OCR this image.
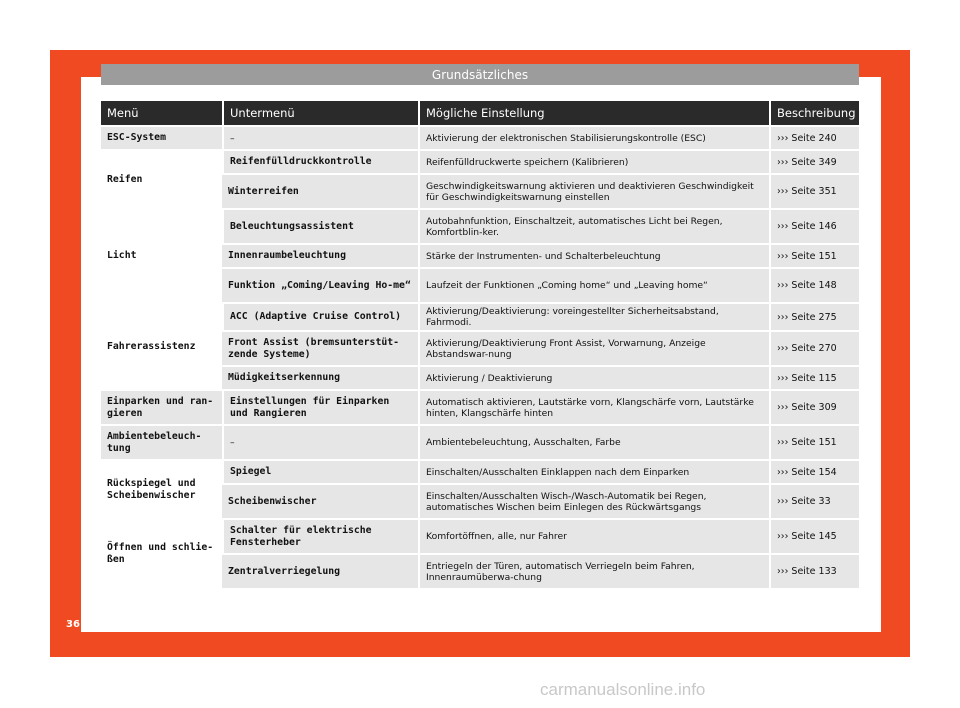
Grundsätzliches
Menü	Untermenü	Mögliche Einstellung	Beschreibung
ESC-System	–	Aktivierung der elektronischen Stabilisierungskontrolle (ESC)	››› Seite 240
Reifen	Reifenfülldruckkontrolle	Reifenfülldruckwerte speichern (Kalibrieren)	››› Seite 349
	Winterreifen	Geschwindigkeitswarnung aktivieren und deaktivieren Geschwindigkeit für Geschwindigkeitswarnung einstellen	››› Seite 351
Licht	Beleuchtungsassistent	Autobahnfunktion, Einschaltzeit, automatisches Licht bei Regen, Komfortblin-ker.	››› Seite 146
	Innenraumbeleuchtung	Stärke der Instrumenten- und Schalterbeleuchtung	››› Seite 151
	Funktion „Coming/Leaving Ho-me“	Laufzeit der Funktionen „Coming home“ und „Leaving home“	››› Seite 148
Fahrerassistenz	ACC (Adaptive Cruise Control)	Aktivierung/Deaktivierung: voreingestellter Sicherheitsabstand, Fahrmodi.	››› Seite 275
	Front Assist (bremsunterstüt-zende Systeme)	Aktivierung/Deaktivierung Front Assist, Vorwarnung, Anzeige Abstandswar-nung	››› Seite 270
	Müdigkeitserkennung	Aktivierung / Deaktivierung	››› Seite 115
Einparken und ran-gieren	Einstellungen für Einparken und Rangieren	Automatisch aktivieren, Lautstärke vorn, Klangschärfe vorn, Lautstärke hinten, Klangschärfe hinten	››› Seite 309
Ambientebeleuch-tung	–	Ambientebeleuchtung, Ausschalten, Farbe	››› Seite 151
Rückspiegel und Scheibenwischer	Spiegel	Einschalten/Ausschalten Einklappen nach dem Einparken	››› Seite 154
	Scheibenwischer	Einschalten/Ausschalten Wisch-/Wasch-Automatik bei Regen, automatisches Wischen beim Einlegen des Rückwärtsgangs	››› Seite 33
Öffnen und schlie-ßen	Schalter für elektrische Fensterheber	Komfortöffnen, alle, nur Fahrer	››› Seite 145
	Zentralverriegelung	Entriegeln der Türen, automatisch Verriegeln beim Fahren, Innenraumüberwa-chung	››› Seite 133
36
carmanualsonline.info
